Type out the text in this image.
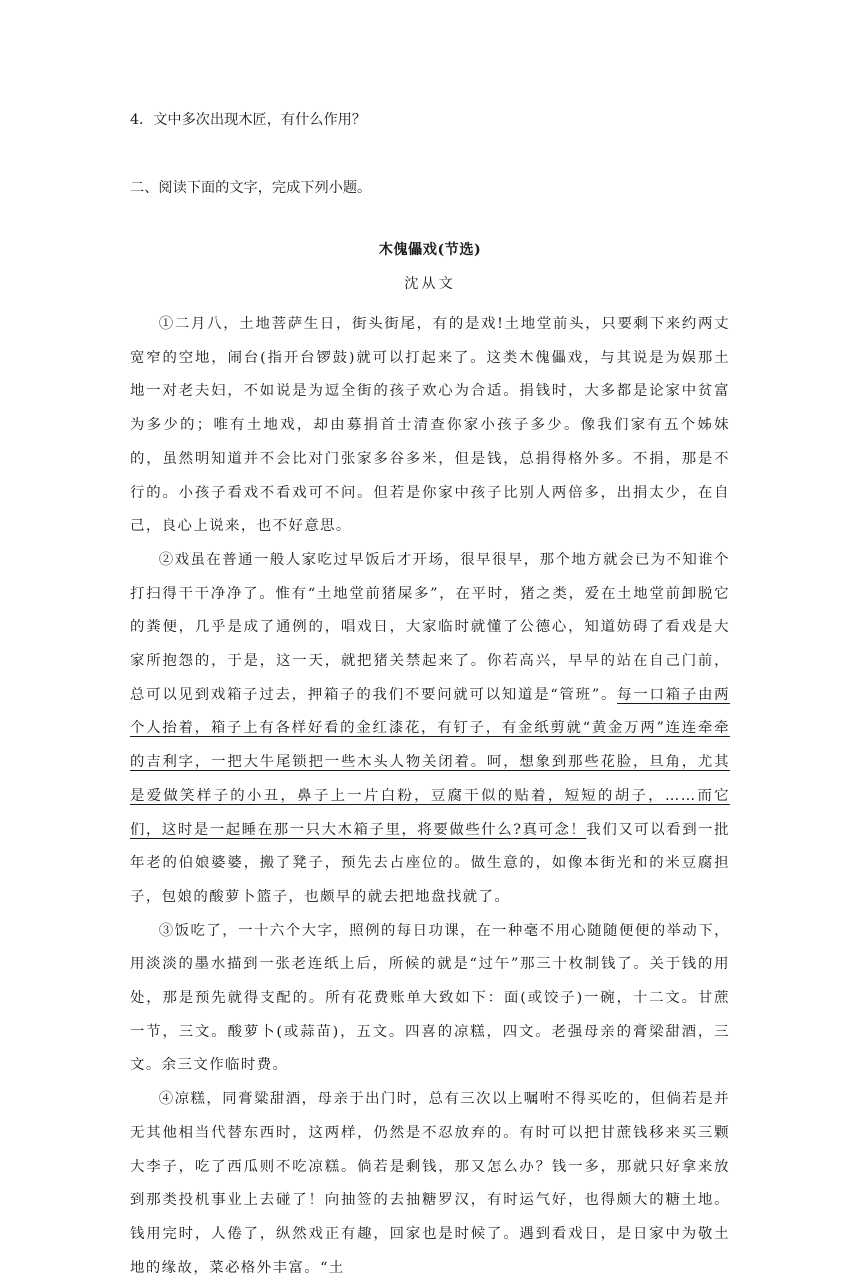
4．文中多次出现木匠，有什么作用？
二、阅读下面的文字，完成下列小题。
木傀儡戏(节选)
沈从文

①二月八，土地菩萨生日，街头街尾，有的是戏!土地堂前头，只要剩下来约两丈宽窄的空地，闹台(指开台锣鼓)就可以打起来了。这类木傀儡戏，与其说是为娱那土地一对老夫妇，不如说是为逗全街的孩子欢心为合适。捐钱时，大多都是论家中贫富为多少的；唯有土地戏，却由募捐首士清查你家小孩子多少。像我们家有五个姊妹的，虽然明知道并不会比对门张家多谷多米，但是钱，总捐得格外多。不捐，那是不行的。小孩子看戏不看戏可不问。但若是你家中孩子比别人两倍多，出捐太少，在自己，良心上说来，也不好意思。

②戏虽在普通一般人家吃过早饭后才开场，很早很早，那个地方就会已为不知谁个打扫得干干净净了。惟有“土地堂前猪屎多”，在平时，猪之类，爱在土地堂前卸脱它的粪便，几乎是成了通例的，唱戏日，大家临时就懂了公德心，知道妨碍了看戏是大家所抱怨的，于是，这一天，就把猪关禁起来了。你若高兴，早早的站在自己门前，总可以见到戏箱子过去，押箱子的我们不要问就可以知道是“管班”。每一口箱子由两个人抬着，箱子上有各样好看的金红漆花，有钉子，有金纸剪就“黄金万两”连连牵牵的吉利字，一把大牛尾锁把一些木头人物关闭着。呵，想象到那些花脸，旦角，尤其是爱做笑样子的小丑，鼻子上一片白粉，豆腐干似的贴着，短短的胡子，……而它们，这时是一起睡在那一只大木箱子里，将要做些什么?真可念！我们又可以看到一批年老的伯娘婆婆，搬了凳子，预先去占座位的。做生意的，如像本街光和的米豆腐担子，包娘的酸萝卜篮子，也颇早的就去把地盘找就了。

③饭吃了，一十六个大字，照例的每日功课，在一种毫不用心随随便便的举动下，用淡淡的墨水描到一张老连纸上后，所候的就是“过午”那三十枚制钱了。关于钱的用处，那是预先就得支配的。所有花费账单大致如下：面(或饺子)一碗，十二文。甘蔗一节，三文。酸萝卜(或蒜苗)，五文。四喜的凉糕，四文。老强母亲的膏梁甜酒，三文。余三文作临时费。

④凉糕，同膏粱甜酒，母亲于出门时，总有三次以上嘱咐不得买吃的，但倘若是并无其他相当代替东西时，这两样，仍然是不忍放弃的。有时可以把甘蔗钱移来买三颗大李子，吃了西瓜则不吃凉糕。倘若是剩钱，那又怎么办？钱一多，那就只好拿来放到那类投机事业上去碰了！向抽签的去抽糖罗汉，有时运气好，也得颇大的糖土地。钱用完时，人倦了，纵然戏正有趣，回家也是时候了。遇到看戏日，是日家中为敬土地的缘故，菜必格外丰富。“土
